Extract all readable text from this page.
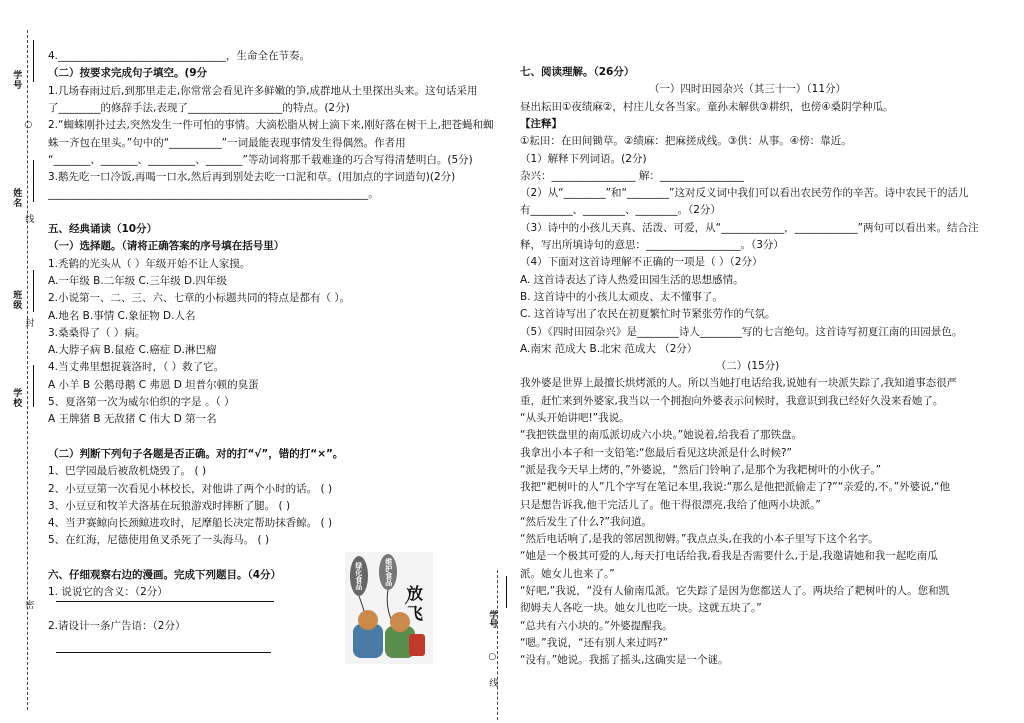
学号
○
姓名
线
班级
封
学校
密
学号
○
线
4.________________________________，生命全在节奏。
（二）按要求完成句子填空。(9分
1.几场春雨过后,到那里走走,你常常会看见许多鲜嫩的笋,成群地从土里探出头来。这句话采用
了________的修辞手法,表现了__________________的特点。(2分)
2.“蜘蛛刚扑过去,突然发生一件可怕的事情。大滴松脂从树上滴下来,刚好落在树干上,把苍蝇和蜘
蛛一齐包在里头。”句中的“__________”一词最能表现事情发生得偶然。作者用
“_______、_______、_________、_______”等动词将那千载难逢的巧合写得清楚明白。(5分)
3.鹅先吃一口冷饭,再喝一口水,然后再到别处去吃一口泥和草。(用加点的字词造句)(2分)
_____________________________________________________________。
五、经典诵读（10分）
（一）选择题。（请将正确答案的序号填在括号里）
1.秃鹤的光头从（ ）年级开始不让人家摸。
A.一年级 B.二年级 C.三年级 D.四年级
2.小说第一、二、三、六、七章的小标题共同的特点是都有（ ）。
A.地名 B.事情 C.象征物 D.人名
3.桑桑得了（ ）病。
A.大脖子病 B.鼠疮 C.癌症 D.淋巴瘤
4.当丈弗里想捉蓑洛时，（ ）救了它。
A 小羊 B 公鹅母鹅 C 弗恩 D 坦普尔顿的臭蛋
5、夏洛第一次为威尔伯织的字是 。（ ）
A 王牌猪 B 无敌猪 C 伟大 D 第一名
（二）判断下列句子各题是否正确。对的打“√”，错的打“×”。
1、巴学园最后被敌机烧毁了。 ( )
2、小豆豆第一次看见小林校长，对他讲了两个小时的话。 ( )
3、小豆豆和牧羊犬洛基在玩狼游戏时摔断了腿。 ( )
4、当尹赛鲸向长颈鲸进攻时，尼摩船长决定帮助抹香鲸。 ( )
5、在红海，尼德使用鱼叉杀死了一头海马。 ( )
六、仔细观察右边的漫画。完成下列题目。（4分）
1. 说说它的含义：（2分）
2.请设计一条广告语：（2分）
绿化食品	维护食品
放飞
七、阅读理解。（26分）
（一）四时田园杂兴（其三十一）（11分）
昼出耘田①夜绩麻②，村庄儿女各当家。童孙未解供③耕织，也傍④桑阴学种瓜。
【注释】
①耘田：在田间锄草。②绩麻：把麻搓成线。③供：从事。④傍：靠近。
（1）解释下列词语。(2分)
杂兴：________________ 解：________________
（2）从“________”和“________”这对反义词中我们可以看出农民劳作的辛苦。诗中农民干的活儿
有________、________、________。（2分）
（3）诗中的小孩儿天真、活泼、可爱，从“____________，____________”两句可以看出来。结合注
释，写出所填诗句的意思：__________________。（3分）
（4）下面对这首诗理解不正确的一项是（ ）（2分）
A. 这首诗表达了诗人热爱田园生活的思想感情。
B. 这首诗中的小孩儿太顽皮、太不懂事了。
C. 这首诗写出了农民在初夏繁忙时节紧张劳作的气氛。
（5）《四时田园杂兴》是________诗人________写的七言绝句。这首诗写初夏江南的田园景色。
A.南宋 范成大 B.北宋 范成大 （2分）
（二）(15分)
我外婆是世界上最擅长烘烤派的人。所以当她打电话给我,说她有一块派失踪了,我知道事态很严
重，赶忙来到外婆家,我当以一个拥抱向外婆表示问候时，我意识到我已经好久没来看她了。
“从头开始讲吧!”我说。
“我把铁盘里的南瓜派切成六小块。”她说着,给我看了那铁盘。
我拿出小本子和一支铅笔:“您最后看见这块派是什么时候?”
“派是我今天早上烤的，”外婆说，“然后门铃响了,是那个为我耙树叶的小伙子。”
我把“耙树叶的人”几个字写在笔记本里,我说:“那么是他把派偷走了?”“亲爱的,不。”外婆说,“他
只是想告诉我,他干完活儿了。他干得很漂亮,我给了他两小块派。”
“然后发生了什么?”我问道。
“然后电话响了,是我的邻居凯彻姆。”我点点头,在我的小本子里写下这个名字。
“她是一个极其可爱的人,每天打电话给我,看我是否需要什么,于是,我邀请她和我一起吃南瓜
派。她女儿也来了。”
“好吧,”我说，“没有人偷南瓜派。它失踪了是因为您都送人了。两块给了耙树叶的人。您和凯
彻姆夫人各吃一块。她女儿也吃一块。这就五块了。”
“总共有六小块的。”外婆提醒我。
“嗯。”我说，“还有别人来过吗?”
“没有。”她说。我摇了摇头,这确实是一个谜。
